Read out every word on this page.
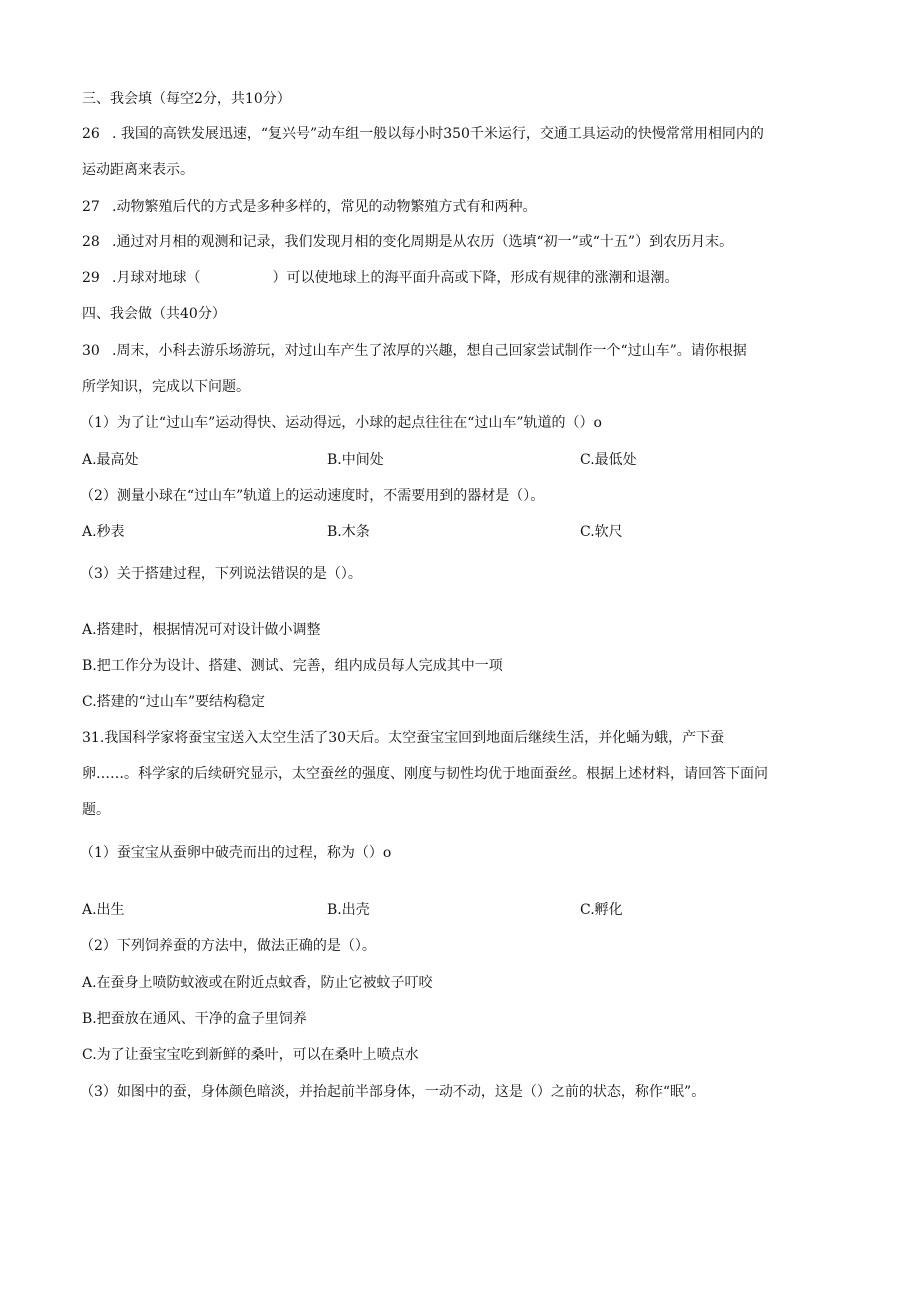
三、我会填（每空2分，共10分）
26 . 我国的高铁发展迅速，“复兴号”动车组一般以每小时350千米运行，交通工具运动的快慢常常用相同内的
运动距离来表示。
27 .动物繁殖后代的方式是多种多样的，常见的动物繁殖方式有和两种。
28 .通过对月相的观测和记录，我们发现月相的变化周期是从农历（选填“初一”或“十五”）到农历月末。
29 .月球对地球（	）可以使地球上的海平面升高或下降，形成有规律的涨潮和退潮。
四、我会做（共40分）
30 .周末，小科去游乐场游玩，对过山车产生了浓厚的兴趣，想自己回家尝试制作一个“过山车”。请你根据
所学知识，完成以下问题。
（1）为了让“过山车”运动得快、运动得远，小球的起点往往在“过山车”轨道的（）o
A.最高处	B.中间处	C.最低处
（2）测量小球在“过山车”轨道上的运动速度时，不需要用到的器材是（）。
A.秒表	B.木条	C.软尺
（3）关于搭建过程，下列说法错误的是（）。
A.搭建时，根据情况可对设计做小调整
B.把工作分为设计、搭建、测试、完善，组内成员每人完成其中一项
C.搭建的“过山车”要结构稳定
31.我国科学家将蚕宝宝送入太空生活了30天后。太空蚕宝宝回到地面后继续生活，并化蛹为蛾，产下蚕
卵……。科学家的后续研究显示，太空蚕丝的强度、刚度与韧性均优于地面蚕丝。根据上述材料，请回答下面问
题。
（1）蚕宝宝从蚕卵中破壳而出的过程，称为（）o
A.出生	B.出壳	C.孵化
（2）下列饲养蚕的方法中，做法正确的是（）。
A.在蚕身上喷防蚊液或在附近点蚊香，防止它被蚊子叮咬
B.把蚕放在通风、干净的盒子里饲养
C.为了让蚕宝宝吃到新鲜的桑叶，可以在桑叶上喷点水
（3）如图中的蚕，身体颜色暗淡，并抬起前半部身体，一动不动，这是（）之前的状态，称作“眠”。
